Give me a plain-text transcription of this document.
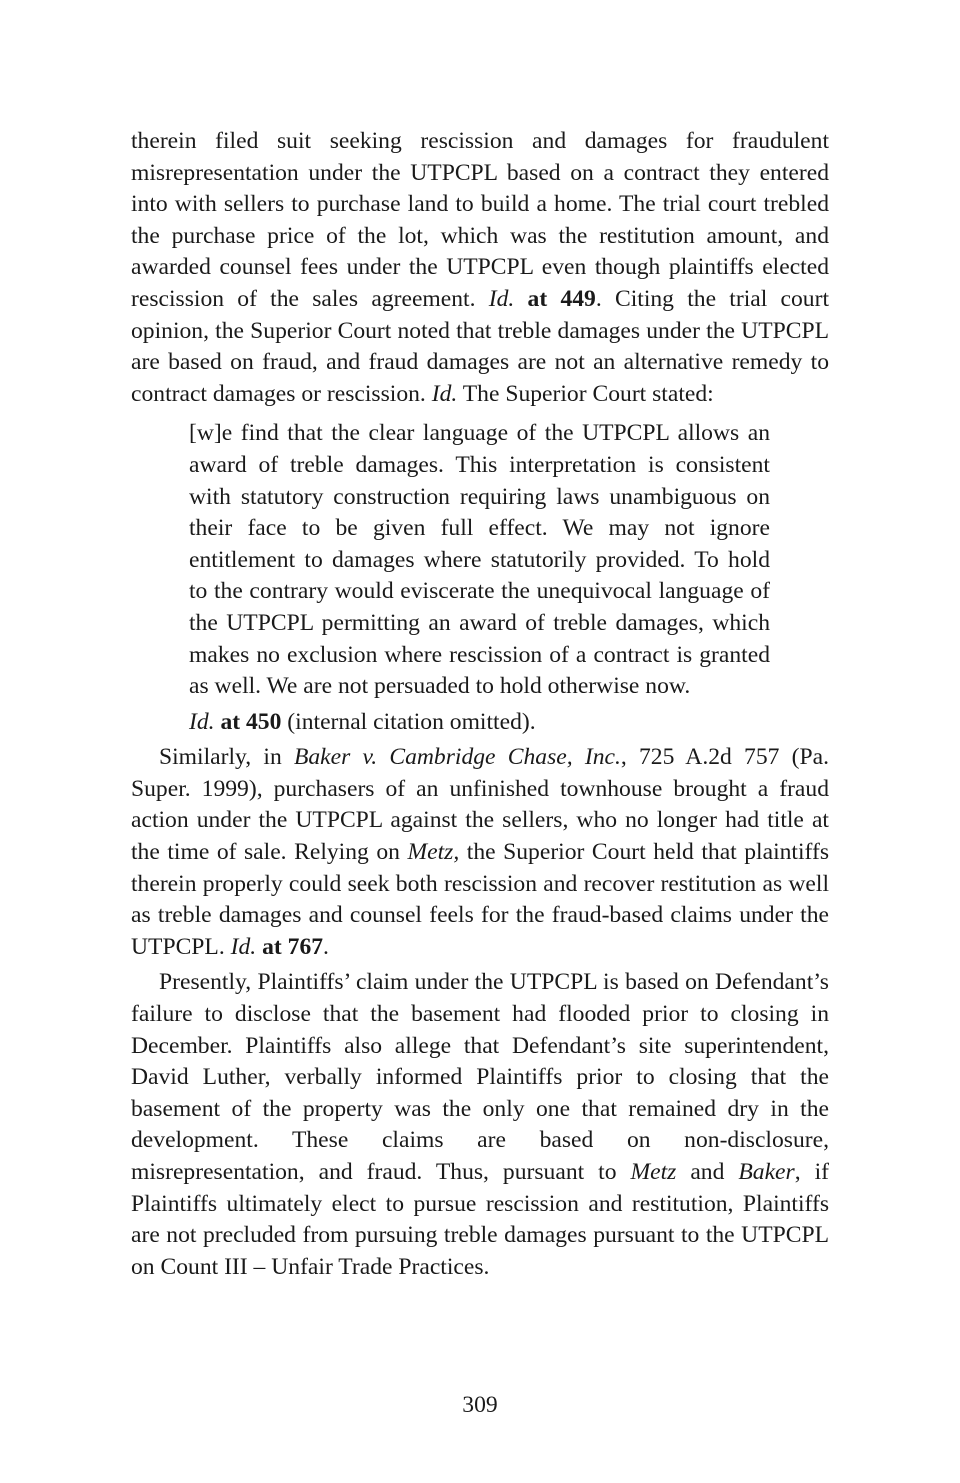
therein filed suit seeking rescission and damages for fraudulent misrepresentation under the UTPCPL based on a contract they entered into with sellers to purchase land to build a home. The trial court trebled the purchase price of the lot, which was the restitution amount, and awarded counsel fees under the UTPCPL even though plaintiffs elected rescission of the sales agreement. Id. at 449. Citing the trial court opinion, the Superior Court noted that treble damages under the UTPCPL are based on fraud, and fraud damages are not an alternative remedy to contract damages or rescission. Id. The Superior Court stated:

[w]e find that the clear language of the UTPCPL allows an award of treble damages. This interpretation is consistent with statutory construction requiring laws unambiguous on their face to be given full effect. We may not ignore entitlement to damages where statutorily provided. To hold to the contrary would eviscerate the unequivocal language of the UTPCPL permitting an award of treble damages, which makes no exclusion where rescission of a contract is granted as well. We are not persuaded to hold otherwise now.

Id. at 450 (internal citation omitted).

Similarly, in Baker v. Cambridge Chase, Inc., 725 A.2d 757 (Pa. Super. 1999), purchasers of an unfinished townhouse brought a fraud action under the UTPCPL against the sellers, who no longer had title at the time of sale. Relying on Metz, the Superior Court held that plaintiffs therein properly could seek both rescission and recover restitution as well as treble damages and counsel feels for the fraud-based claims under the UTPCPL. Id. at 767.

Presently, Plaintiffs’ claim under the UTPCPL is based on Defendant’s failure to disclose that the basement had flooded prior to closing in December. Plaintiffs also allege that Defendant’s site superintendent, David Luther, verbally informed Plaintiffs prior to closing that the basement of the property was the only one that remained dry in the development. These claims are based on non-disclosure, misrepresentation, and fraud. Thus, pursuant to Metz and Baker, if Plaintiffs ultimately elect to pursue rescission and restitution, Plaintiffs are not precluded from pursuing treble damages pursuant to the UTPCPL on Count III – Unfair Trade Practices.

309
